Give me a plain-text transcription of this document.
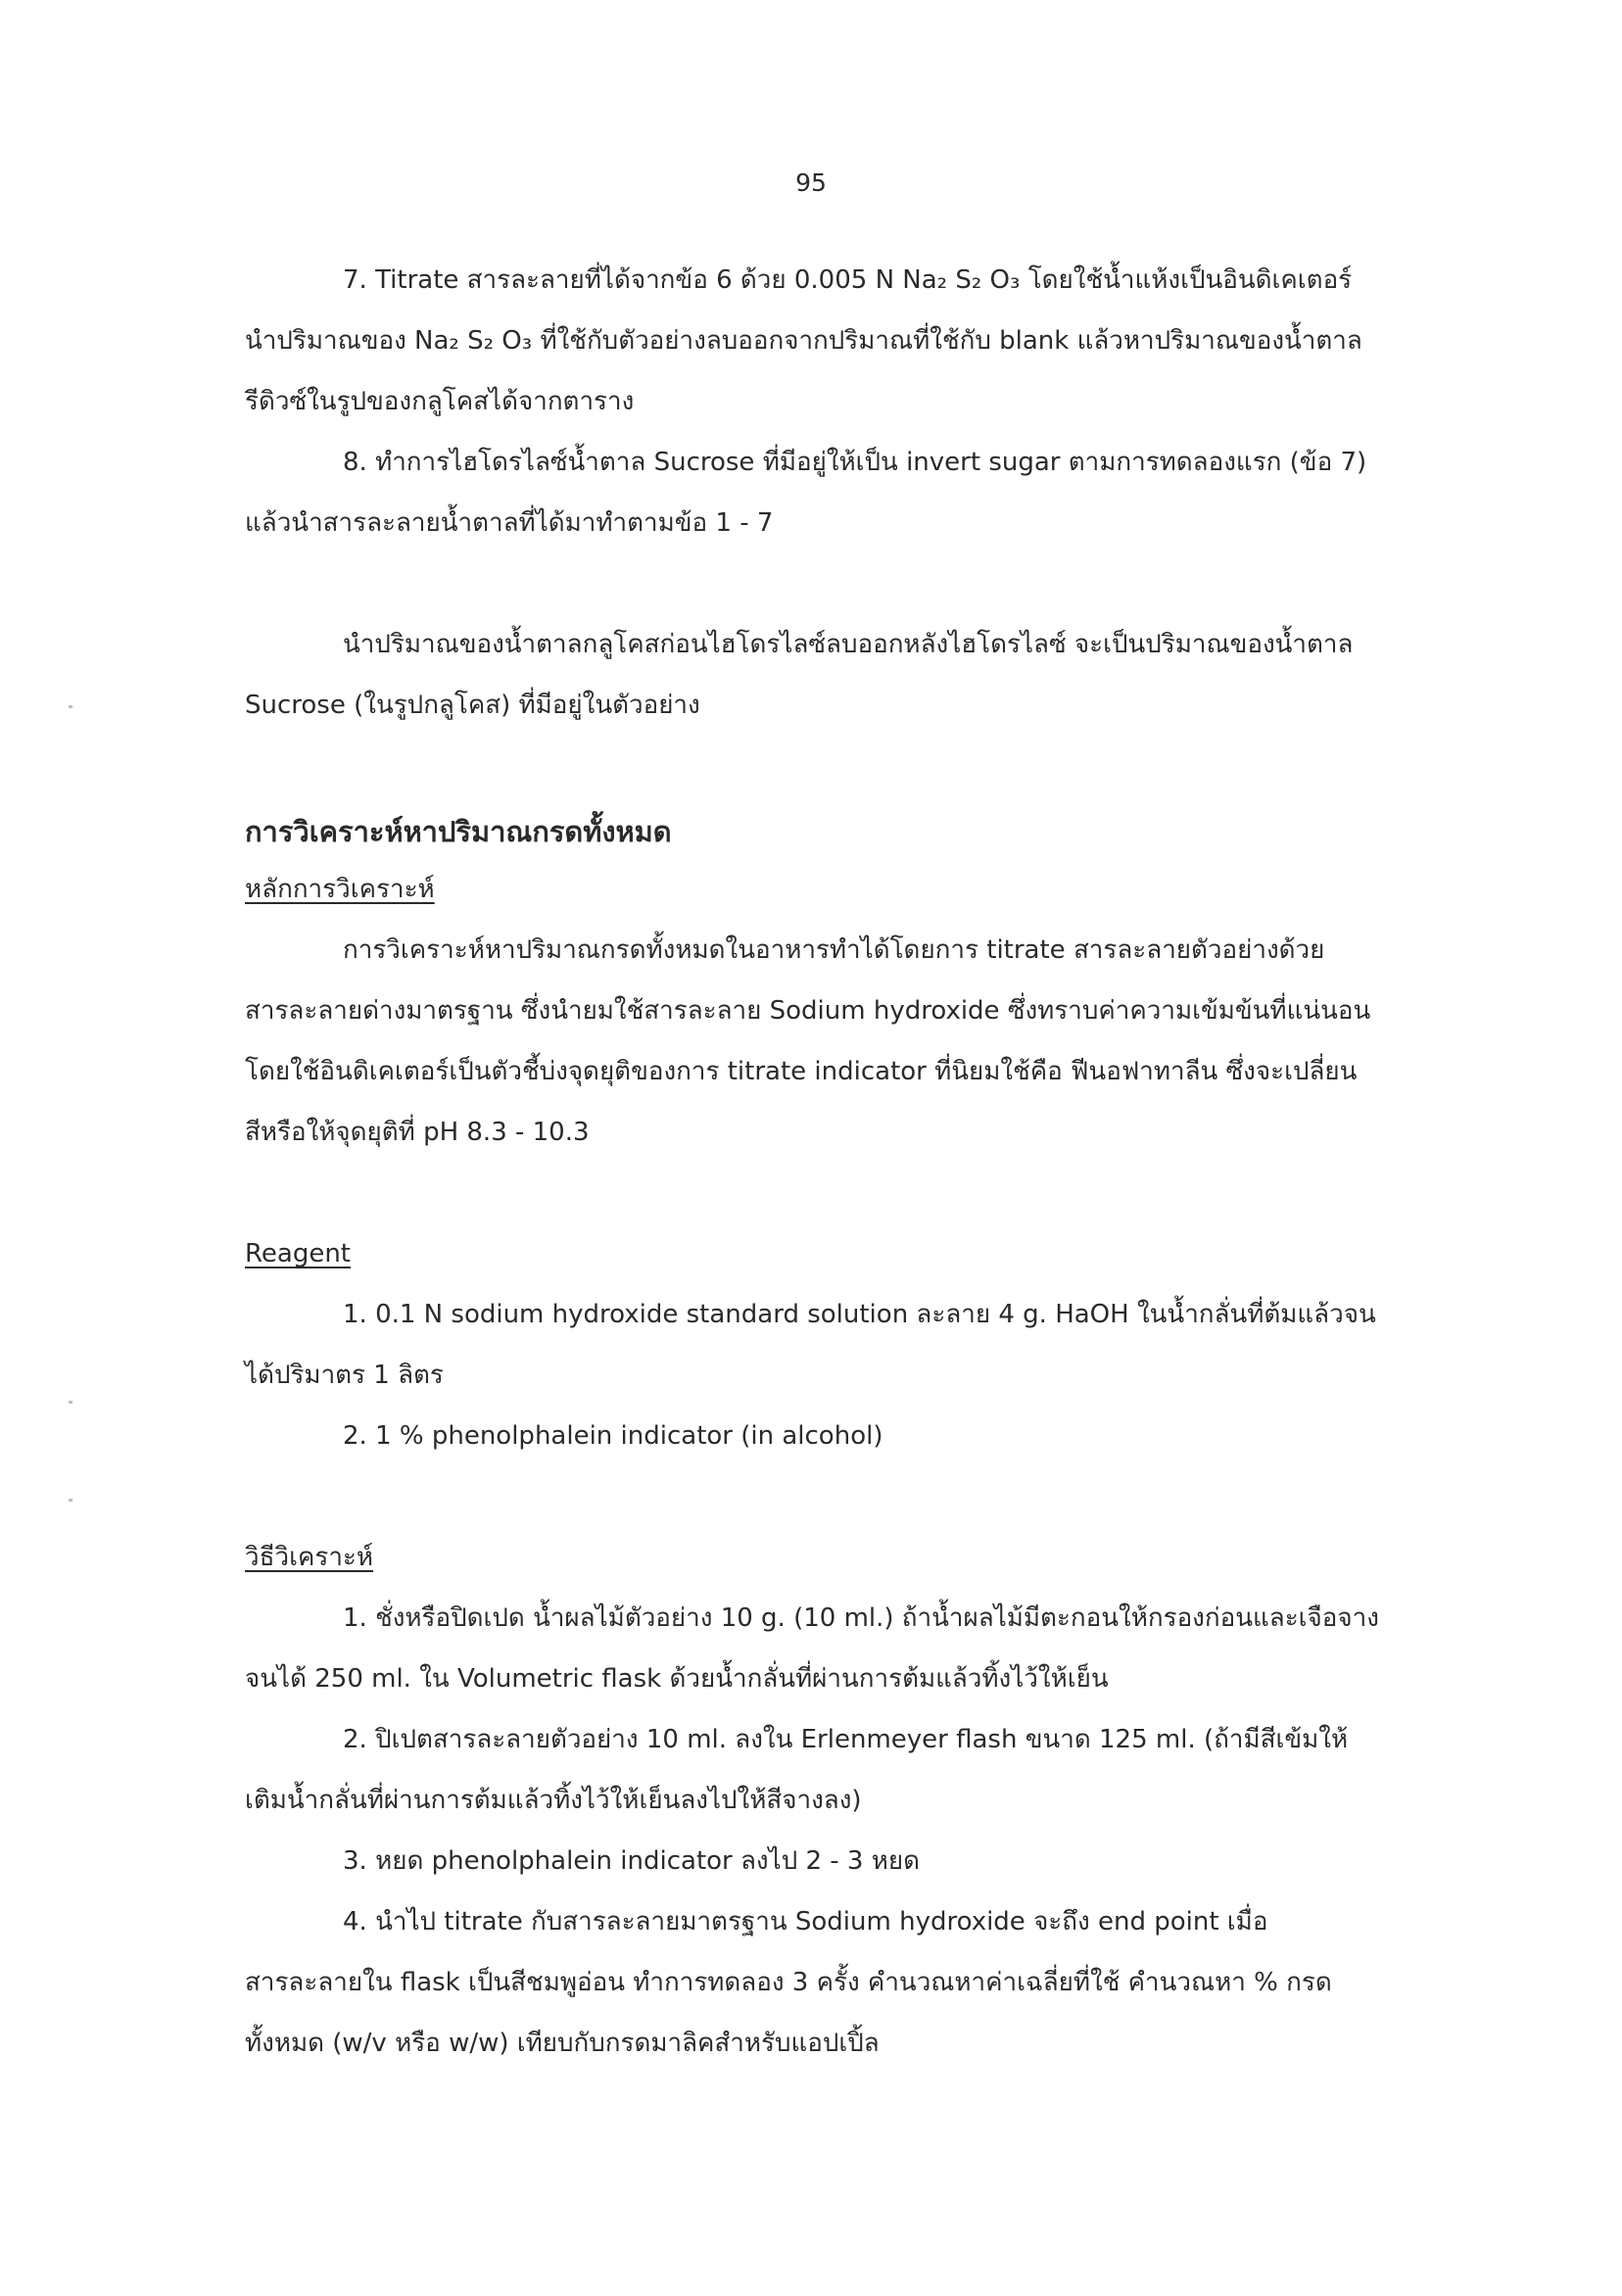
95

7. Titrate สารละลายที่ได้จากข้อ 6 ด้วย 0.005 N Na₂ S₂ O₃ โดยใช้น้ำแห้งเป็นอินดิเคเตอร์ นำปริมาณของ Na₂ S₂ O₃ ที่ใช้กับตัวอย่างลบออกจากปริมาณที่ใช้กับ blank แล้วหาปริมาณของน้ำตาลรีดิวซ์ในรูปของกลูโคสได้จากตาราง

8. ทำการไฮโดรไลซ์น้ำตาล Sucrose ที่มีอยู่ให้เป็น invert sugar ตามการทดลองแรก (ข้อ 7) แล้วนำสารละลายน้ำตาลที่ได้มาทำตามข้อ 1 - 7

นำปริมาณของน้ำตาลกลูโคสก่อนไฮโดรไลซ์ลบออกหลังไฮโดรไลซ์ จะเป็นปริมาณของน้ำตาล Sucrose (ในรูปกลูโคส) ที่มีอยู่ในตัวอย่าง

การวิเคราะห์หาปริมาณกรดทั้งหมด

หลักการวิเคราะห์

การวิเคราะห์หาปริมาณกรดทั้งหมดในอาหารทำได้โดยการ titrate สารละลายตัวอย่างด้วยสารละลายด่างมาตรฐาน ซึ่งนำยมใช้สารละลาย Sodium hydroxide ซึ่งทราบค่าความเข้มข้นที่แน่นอน โดยใช้อินดิเคเตอร์เป็นตัวชี้บ่งจุดยุติของการ titrate indicator ที่นิยมใช้คือ ฟีนอฟาทาลีน ซึ่งจะเปลี่ยนสีหรือให้จุดยุติที่ pH 8.3 - 10.3

Reagent

1. 0.1 N sodium hydroxide standard solution ละลาย 4 g. HaOH ในน้ำกลั่นที่ต้มแล้วจนได้ปริมาตร 1 ลิตร

2. 1 % phenolphalein indicator (in alcohol)

วิธีวิเคราะห์

1. ชั่งหรือปิดเปด น้ำผลไม้ตัวอย่าง 10 g. (10 ml.) ถ้าน้ำผลไม้มีตะกอนให้กรองก่อนและเจือจางจนได้ 250 ml. ใน Volumetric flask ด้วยน้ำกลั่นที่ผ่านการต้มแล้วทิ้งไว้ให้เย็น

2. ปิเปตสารละลายตัวอย่าง 10 ml. ลงใน Erlenmeyer flash ขนาด 125 ml. (ถ้ามีสีเข้มให้เติมน้ำกลั่นที่ผ่านการต้มแล้วทิ้งไว้ให้เย็นลงไปให้สีจางลง)

3. หยด phenolphalein indicator ลงไป 2 - 3 หยด

4. นำไป titrate กับสารละลายมาตรฐาน Sodium hydroxide จะถึง end point เมื่อสารละลายใน flask เป็นสีชมพูอ่อน ทำการทดลอง 3 ครั้ง คำนวณหาค่าเฉลี่ยที่ใช้ คำนวณหา % กรดทั้งหมด (w/v หรือ w/w) เทียบกับกรดมาลิคสำหรับแอปเปิ้ล
